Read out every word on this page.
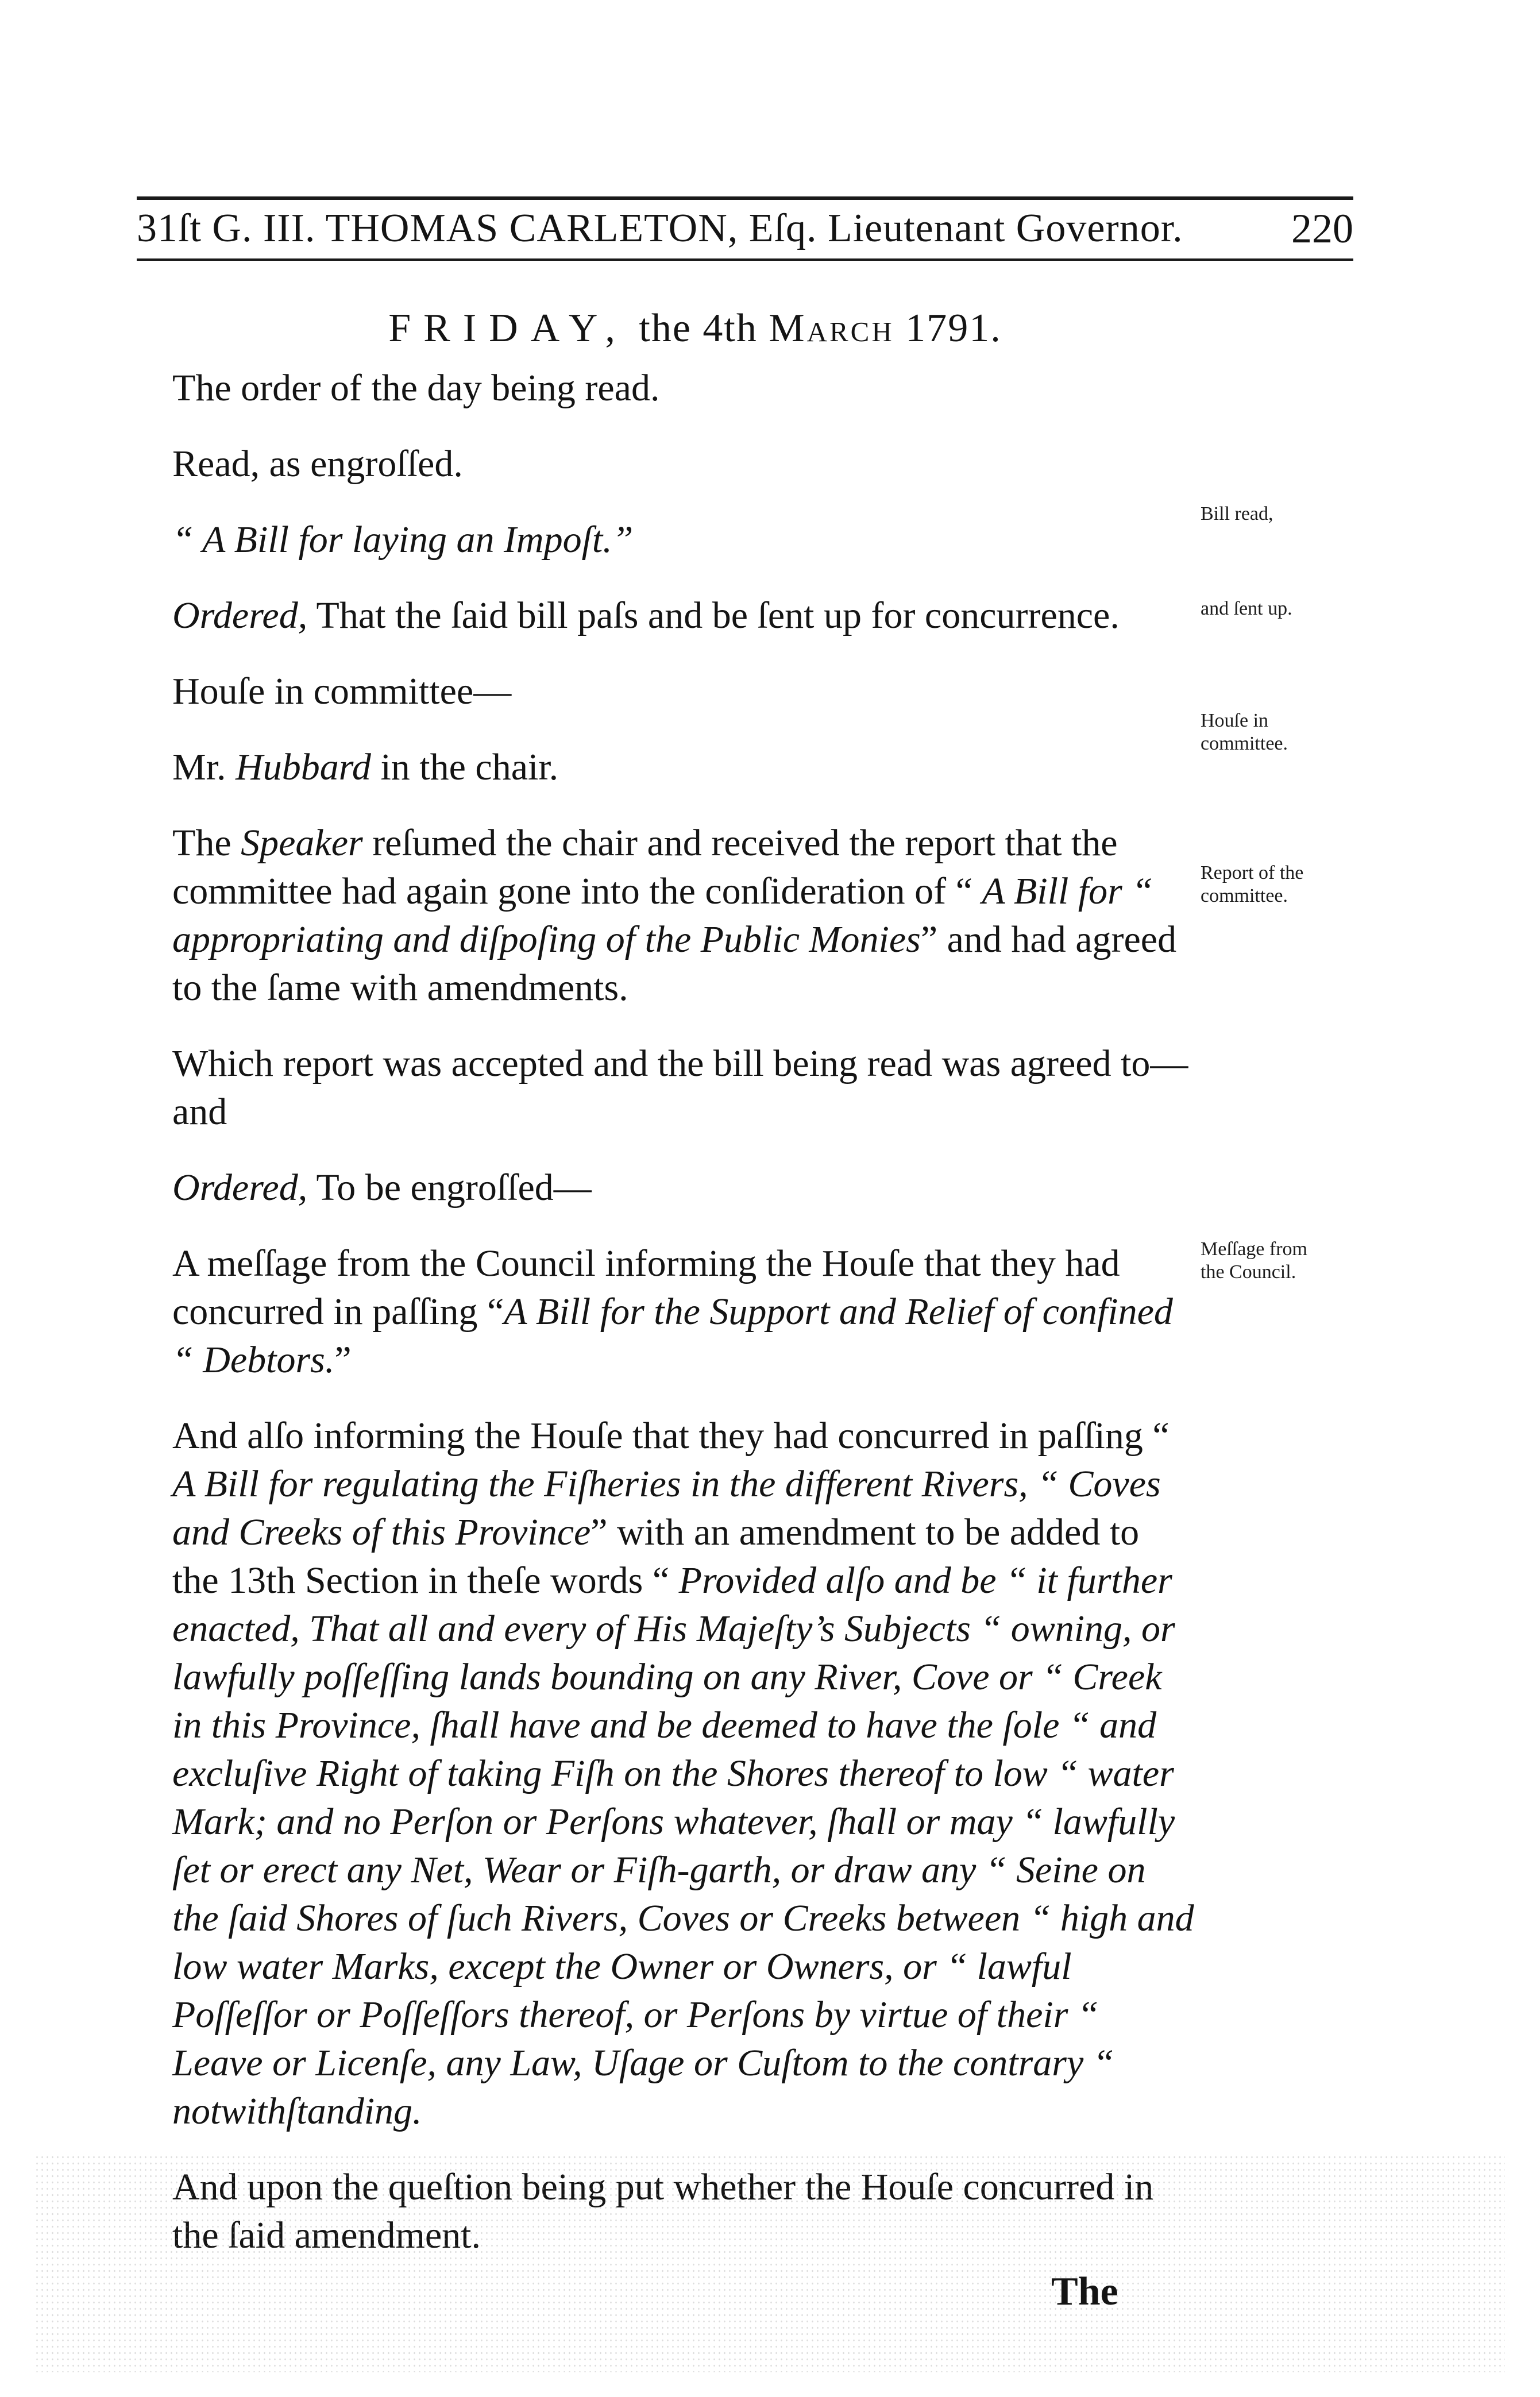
31ſt G. III. THOMAS CARLETON, Eſq. Lieutenant Governor.	220
FRIDAY, the 4th March 1791.

The order of the day being read.

Read, as engroſſed.

“ A Bill for laying an Impoſt.”

Ordered, That the ſaid bill paſs and be ſent up for concurrence.

Houſe in committee—

Mr. Hubbard in the chair.

The Speaker reſumed the chair and received the report that the committee had again gone into the conſideration of “ A Bill for “ appropriating and diſpoſing of the Public Monies” and had agreed to the ſame with amendments.

Which report was accepted and the bill being read was agreed to—and

Ordered, To be engroſſed—

A meſſage from the Council informing the Houſe that they had concurred in paſſing “A Bill for the Support and Relief of confined “ Debtors.”

And alſo informing the Houſe that they had concurred in paſſing “ A Bill for regulating the Fiſheries in the different Rivers, “ Coves and Creeks of this Province” with an amendment to be added to the 13th Section in theſe words “ Provided alſo and be “ it further enacted, That all and every of His Majeſty’s Subjects “ owning, or lawfully poſſeſſing lands bounding on any River, Cove or “ Creek in this Province, ſhall have and be deemed to have the ſole “ and excluſive Right of taking Fiſh on the Shores thereof to low “ water Mark; and no Perſon or Perſons whatever, ſhall or may “ lawfully ſet or erect any Net, Wear or Fiſh-garth, or draw any “ Seine on the ſaid Shores of ſuch Rivers, Coves or Creeks between “ high and low water Marks, except the Owner or Owners, or “ lawful Poſſeſſor or Poſſeſſors thereof, or Perſons by virtue of their “ Leave or Licenſe, any Law, Uſage or Cuſtom to the contrary “ notwithſtanding.

And upon the queſtion being put whether the Houſe concurred in the ſaid amendment.

Bill read,
and ſent up.
Houſe in committee.
Report of the committee.
Meſſage from the Council.
The
